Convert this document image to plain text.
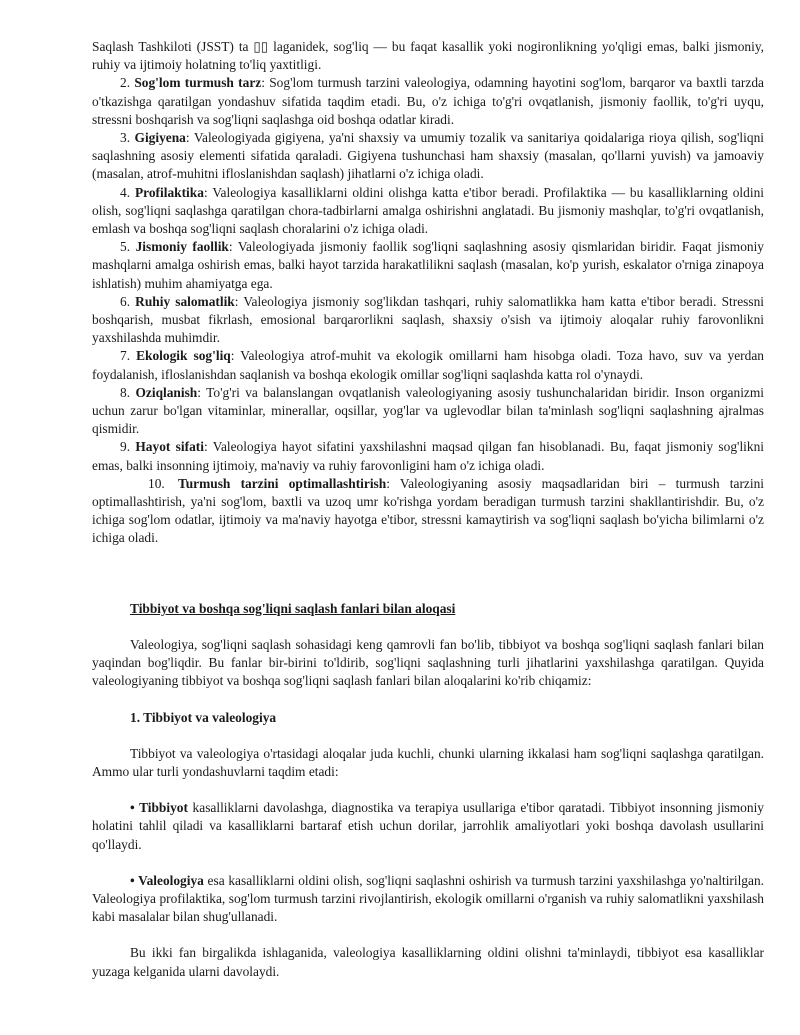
Saqlash Tashkiloti (JSST) ta ▯▯ laganidek, sog'liq — bu faqat kasallik yoki nogironlikning yo'qligi emas, balki jismoniy, ruhiy va ijtimoiy holatning to'liq yaxtitligi.

2. Sog'lom turmush tarz: Sog'lom turmush tarzini valeologiya, odamning hayotini sog'lom, barqaror va baxtli tarzda o'tkazishga qaratilgan yondashuv sifatida taqdim etadi. Bu, o'z ichiga to'g'ri ovqatlanish, jismoniy faollik, to'g'ri uyqu, stressni boshqarish va sog'liqni saqlashga oid boshqa odatlar kiradi.

3. Gigiyena: Valeologiyada gigiyena, ya'ni shaxsiy va umumiy tozalik va sanitariya qoidalariga rioya qilish, sog'liqni saqlashning asosiy elementi sifatida qaraladi. Gigiyena tushunchasi ham shaxsiy (masalan, qo'llarni yuvish) va jamoaviy (masalan, atrof-muhitni ifloslanishdan saqlash) jihatlarni o'z ichiga oladi.

4. Profilaktika: Valeologiya kasalliklarni oldini olishga katta e'tibor beradi. Profilaktika — bu kasalliklarning oldini olish, sog'liqni saqlashga qaratilgan chora-tadbirlarni amalga oshirishni anglatadi. Bu jismoniy mashqlar, to'g'ri ovqatlanish, emlash va boshqa sog'liqni saqlash choralarini o'z ichiga oladi.

5. Jismoniy faollik: Valeologiyada jismoniy faollik sog'liqni saqlashning asosiy qismlaridan biridir. Faqat jismoniy mashqlarni amalga oshirish emas, balki hayot tarzida harakatlilikni saqlash (masalan, ko'p yurish, eskalator o'rniga zinapoya ishlatish) muhim ahamiyatga ega.

6. Ruhiy salomatlik: Valeologiya jismoniy sog'likdan tashqari, ruhiy salomatlikka ham katta e'tibor beradi. Stressni boshqarish, musbat fikrlash, emosional barqarorlikni saqlash, shaxsiy o'sish va ijtimoiy aloqalar ruhiy farovonlikni yaxshilashda muhimdir.

7. Ekologik sog'liq: Valeologiya atrof-muhit va ekologik omillarni ham hisobga oladi. Toza havo, suv va yerdan foydalanish, ifloslanishdan saqlanish va boshqa ekologik omillar sog'liqni saqlashda katta rol o'ynaydi.

8. Oziqlanish: To'g'ri va balanslangan ovqatlanish valeologiyaning asosiy tushunchalaridan biridir. Inson organizmi uchun zarur bo'lgan vitaminlar, minerallar, oqsillar, yog'lar va uglevodlar bilan ta'minlash sog'liqni saqlashning ajralmas qismidir.

9. Hayot sifati: Valeologiya hayot sifatini yaxshilashni maqsad qilgan fan hisoblanadi. Bu, faqat jismoniy sog'likni emas, balki insonning ijtimoiy, ma'naviy va ruhiy farovonligini ham o'z ichiga oladi.

10. Turmush tarzini optimallashtirish: Valeologiyaning asosiy maqsadlaridan biri – turmush tarzini optimallashtirish, ya'ni sog'lom, baxtli va uzoq umr ko'rishga yordam beradigan turmush tarzini shakllantirishdir. Bu, o'z ichiga sog'lom odatlar, ijtimoiy va ma'naviy hayotga e'tibor, stressni kamaytirish va sog'liqni saqlash bo'yicha bilimlarni o'z ichiga oladi.

Tibbiyot va boshqa sog'liqni saqlash fanlari bilan aloqasi

Valeologiya, sog'liqni saqlash sohasidagi keng qamrovli fan bo'lib, tibbiyot va boshqa sog'liqni saqlash fanlari bilan yaqindan bog'liqdir. Bu fanlar bir-birini to'ldirib, sog'liqni saqlashning turli jihatlarini yaxshilashga qaratilgan. Quyida valeologiyaning tibbiyot va boshqa sog'liqni saqlash fanlari bilan aloqalarini ko'rib chiqamiz:

1. Tibbiyot va valeologiya

Tibbiyot va valeologiya o'rtasidagi aloqalar juda kuchli, chunki ularning ikkalasi ham sog'liqni saqlashga qaratilgan. Ammo ular turli yondashuvlarni taqdim etadi:

• Tibbiyot kasalliklarni davolashga, diagnostika va terapiya usullariga e'tibor qaratadi. Tibbiyot insonning jismoniy holatini tahlil qiladi va kasalliklarni bartaraf etish uchun dorilar, jarrohlik amaliyotlari yoki boshqa davolash usullarini qo'llaydi.

• Valeologiya esa kasalliklarni oldini olish, sog'liqni saqlashni oshirish va turmush tarzini yaxshilashga yo'naltirilgan. Valeologiya profilaktika, sog'lom turmush tarzini rivojlantirish, ekologik omillarni o'rganish va ruhiy salomatlikni yaxshilash kabi masalalar bilan shug'ullanadi.

Bu ikki fan birgalikda ishlaganida, valeologiya kasalliklarning oldini olishni ta'minlaydi, tibbiyot esa kasalliklar yuzaga kelganida ularni davolaydi.
